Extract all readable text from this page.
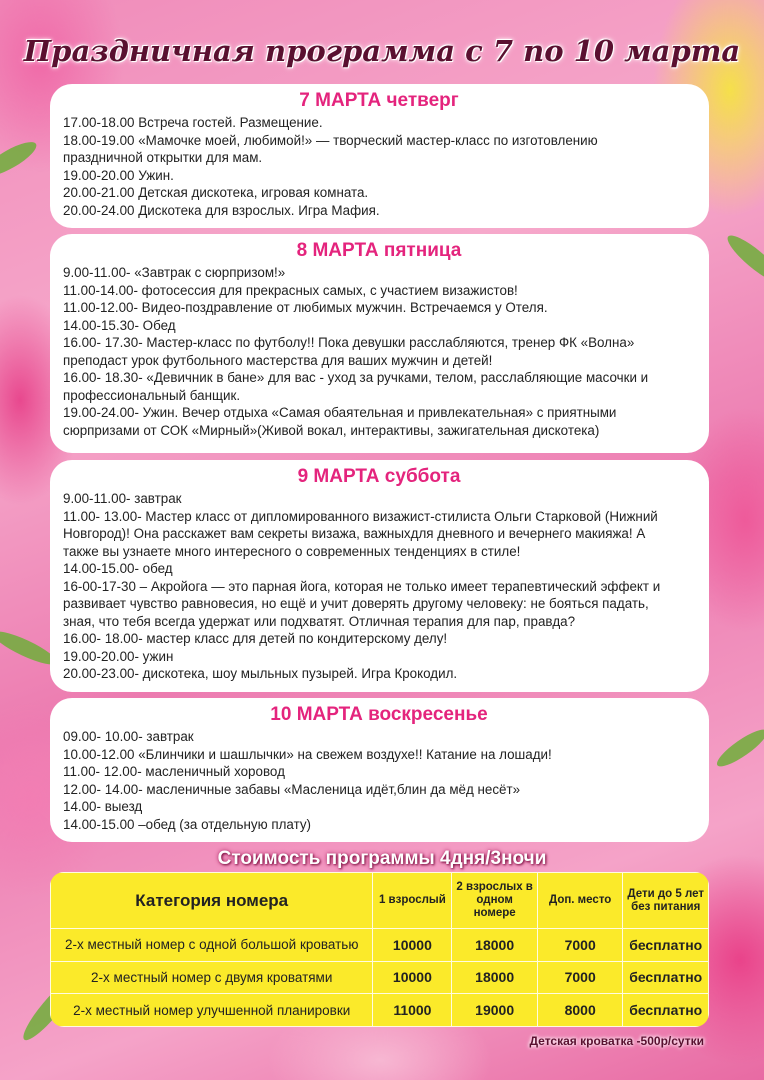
Праздничная программа с 7 по 10 марта
7 МАРТА четверг
17.00-18.00 Встреча гостей. Размещение.
18.00-19.00 «Мамочке моей, любимой!» — творческий мастер-класс по изготовлению
праздничной открытки для мам.
19.00-20.00 Ужин.
20.00-21.00 Детская дискотека, игровая комната.
20.00-24.00 Дискотека для взрослых. Игра Мафия.
8 МАРТА пятница
9.00-11.00- «Завтрак с сюрпризом!»
11.00-14.00- фотосессия для прекрасных самых, с участием визажистов!
11.00-12.00- Видео-поздравление от любимых мужчин. Встречаемся у Отеля.
14.00-15.30- Обед
16.00- 17.30- Мастер-класс по футболу!! Пока девушки расслабляются, тренер ФК «Волна»
преподаст урок футбольного мастерства для ваших мужчин и детей!
16.00- 18.30- «Девичник в бане» для вас - уход за ручками, телом, расслабляющие масочки и
профессиональный банщик.
19.00-24.00- Ужин. Вечер отдыха «Самая обаятельная и привлекательная» с приятными
сюрпризами от СОК «Мирный»(Живой вокал, интерактивы, зажигательная дискотека)
9 МАРТА суббота
9.00-11.00- завтрак
11.00- 13.00- Мастер класс от дипломированного визажист-стилиста Ольги Старковой (Нижний
Новгород)! Она расскажет вам секреты визажа, важныхдля дневного и вечернего макияжа! А
также вы узнаете много интересного о современных тенденциях в стиле!
14.00-15.00- обед
16-00-17-30 – Акройога — это парная йога, которая не только имеет терапевтический эффект и
развивает чувство равновесия, но ещё и учит доверять другому человеку: не бояться падать,
зная, что тебя всегда удержат или подхватят. Отличная терапия для пар, правда?
16.00- 18.00- мастер класс для детей по кондитерскому делу!
19.00-20.00- ужин
20.00-23.00- дискотека, шоу мыльных пузырей. Игра Крокодил.
10 МАРТА воскресенье
09.00- 10.00- завтрак
10.00-12.00 «Блинчики и шашлычки» на свежем воздухе!! Катание на лошади!
11.00- 12.00- масленичный хоровод
12.00- 14.00- масленичные забавы «Масленица идёт,блин да мёд несёт»
14.00- выезд
14.00-15.00 –обед (за отдельную плату)
Стоимость программы 4дня/3ночи
Категория номера	1 взрослый	2 взрослых в одном номере	Доп. место	Дети до 5 лет без питания
2-х местный номер с одной большой кроватью	10000	18000	7000	бесплатно
2-х местный номер с двумя кроватями	10000	18000	7000	бесплатно
2-х местный номер улучшенной планировки	11000	19000	8000	бесплатно
Детская кроватка -500р/сутки
